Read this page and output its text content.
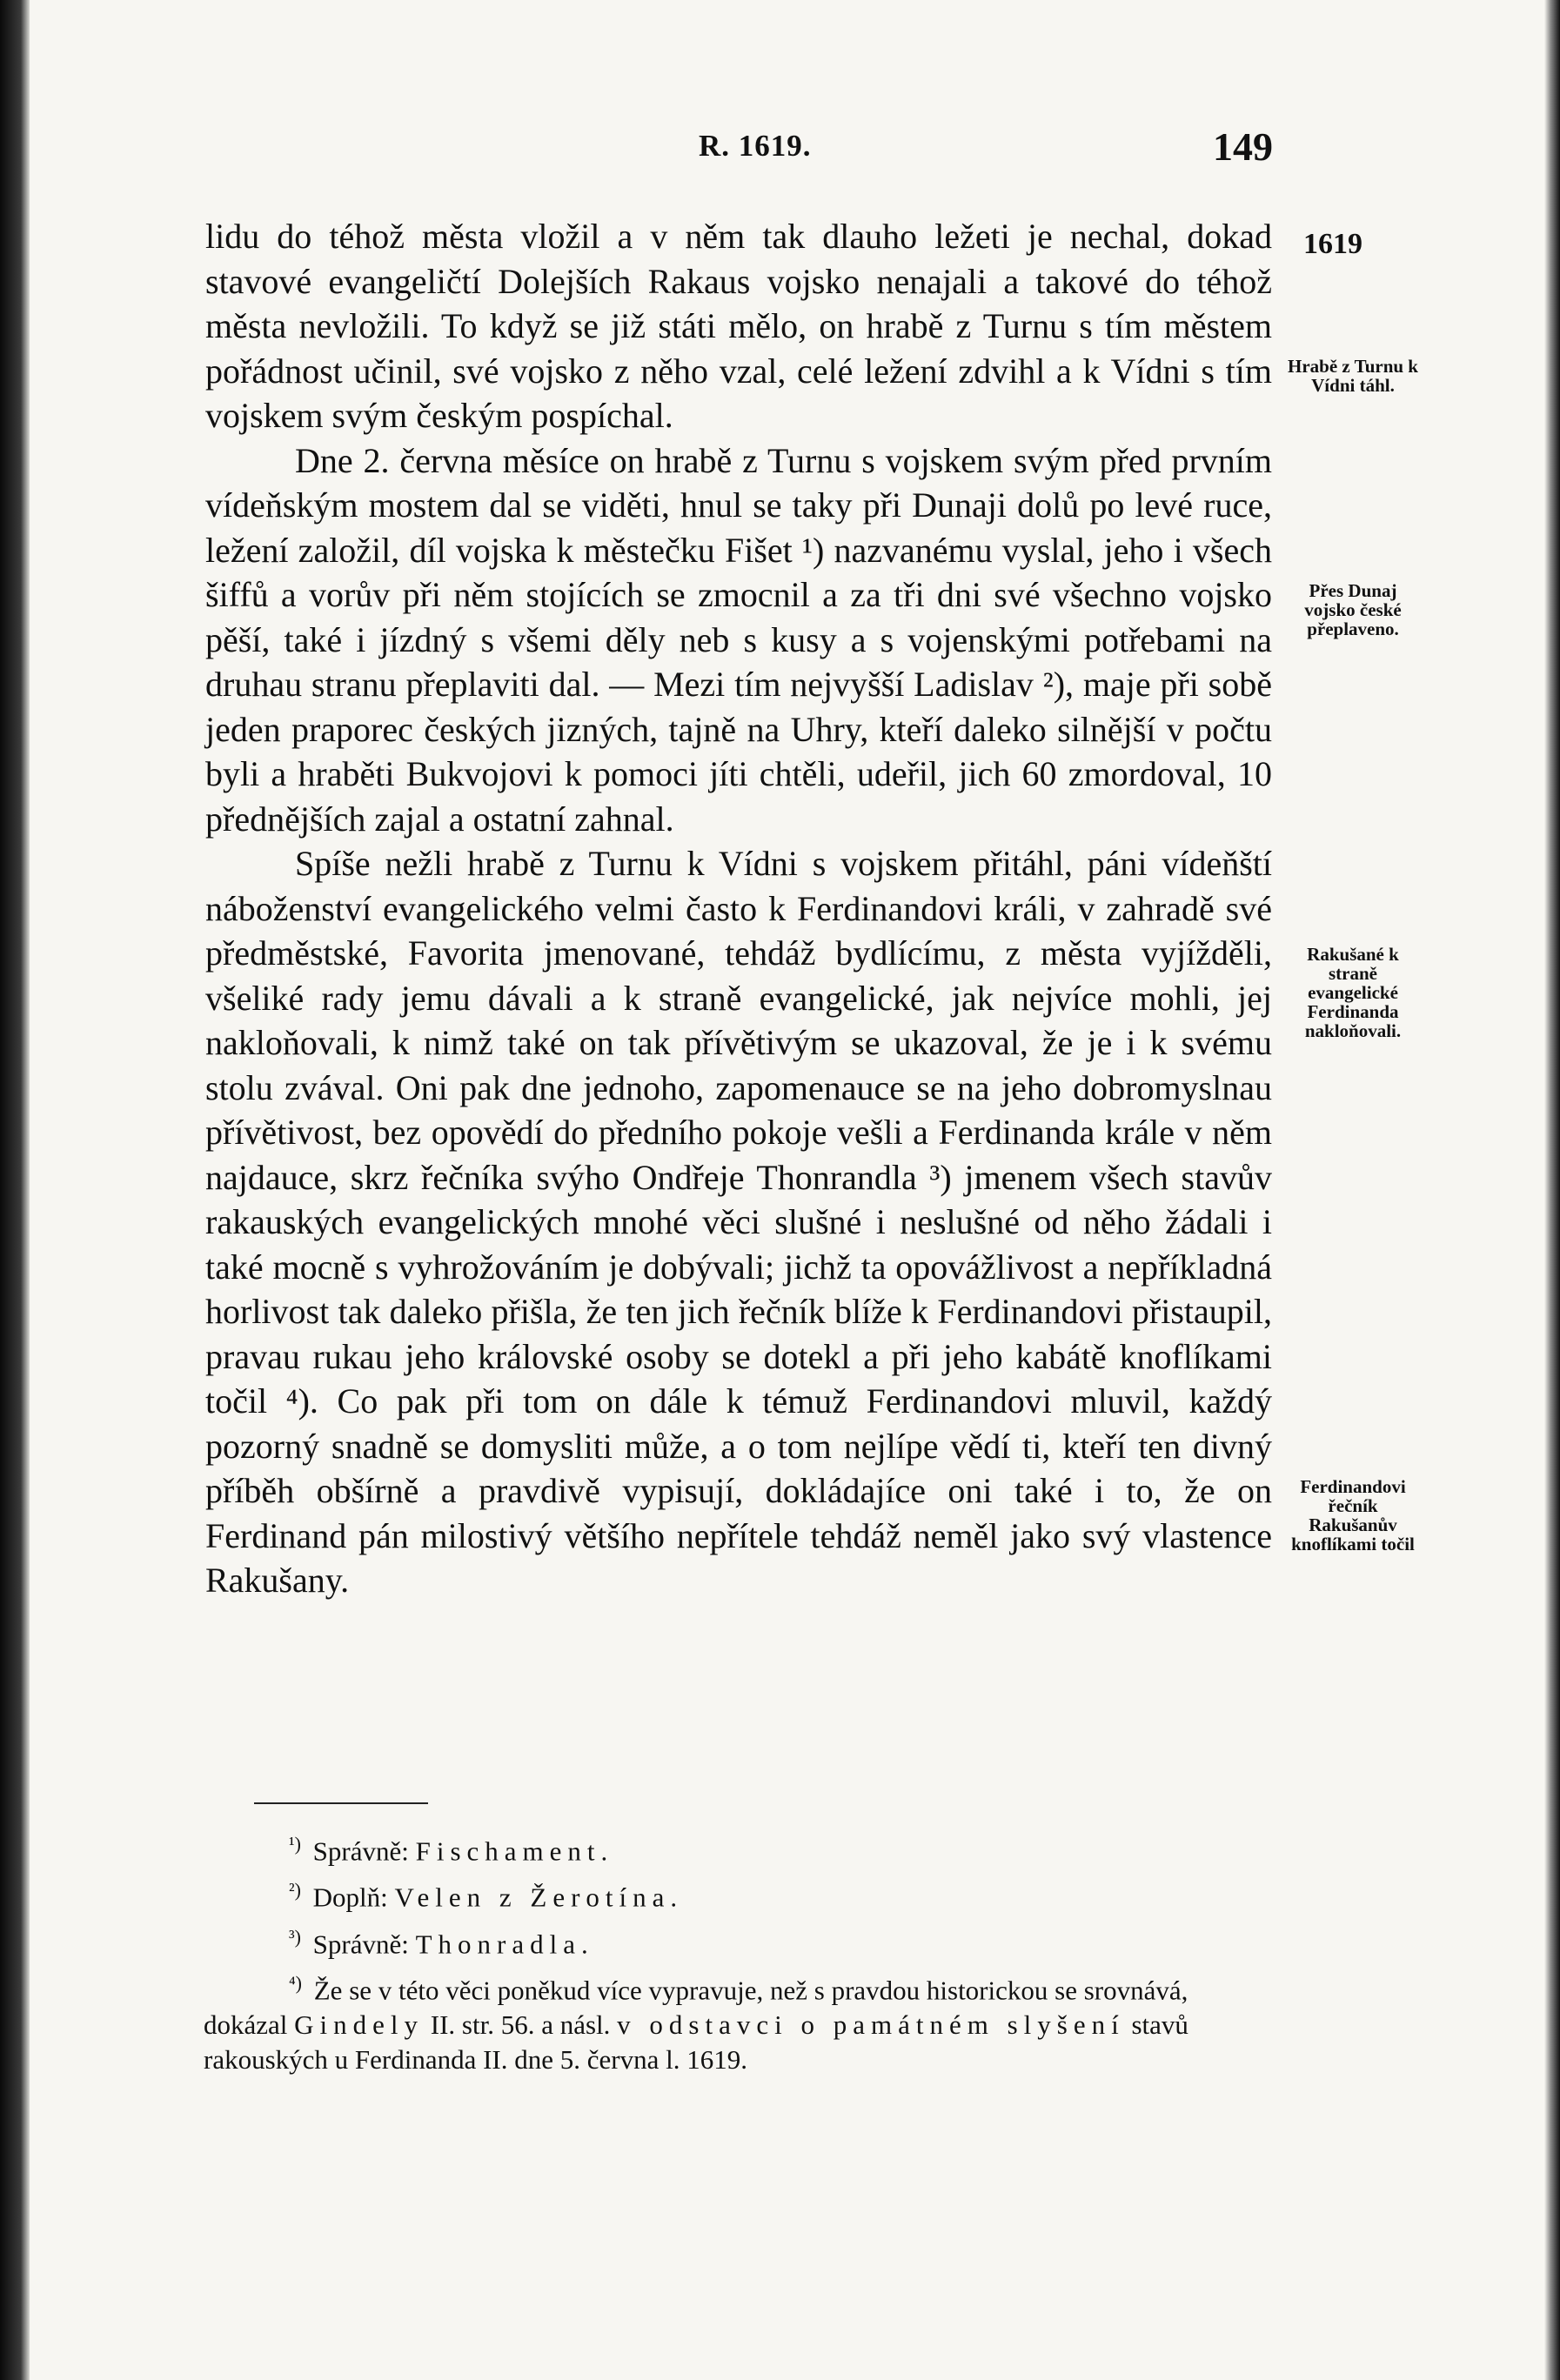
R. 1619.	149
1619
Hrabě z Turnu k Vídni táhl.
Přes Dunaj vojsko české přeplaveno.
Rakušané k straně evangelické Ferdinanda nakloňovali.
Ferdinandovi řečník Rakušanův knoflíkami točil

lidu do téhož města vložil a v něm tak dlauho ležeti je nechal, dokad stavové evangeličtí Dolejších Rakaus vojsko nenajali a takové do téhož města nevložili. To když se již státi mělo, on hrabě z Turnu s tím městem pořádnost učinil, své vojsko z něho vzal, celé ležení zdvihl a k Vídni s tím vojskem svým českým pospíchal.

Dne 2. června měsíce on hrabě z Turnu s vojskem svým před prvním vídeňským mostem dal se viděti, hnul se taky při Dunaji dolů po levé ruce, ležení založil, díl vojska k městečku Fišet ¹) nazvanému vyslal, jeho i všech šiffů a vorův při něm stojících se zmocnil a za tři dni své všechno vojsko pěší, také i jízdný s všemi děly neb s kusy a s vojenskými potřebami na druhau stranu přeplaviti dal. — Mezi tím nejvyšší Ladislav ²), maje při sobě jeden praporec českých jizných, tajně na Uhry, kteří daleko silnější v počtu byli a hraběti Bukvojovi k pomoci jíti chtěli, udeřil, jich 60 zmordoval, 10 přednějších zajal a ostatní zahnal.

Spíše nežli hrabě z Turnu k Vídni s vojskem přitáhl, páni vídeňští náboženství evangelického velmi často k Ferdinandovi králi, v zahradě své předměstské, Favorita jmenované, tehdáž bydlícímu, z města vyjížděli, všeliké rady jemu dávali a k straně evangelické, jak nejvíce mohli, jej nakloňovali, k nimž také on tak přívětivým se ukazoval, že je i k svému stolu zvával. Oni pak dne jednoho, zapomenauce se na jeho dobromyslnau přívětivost, bez opovědí do předního pokoje vešli a Ferdinanda krále v něm najdauce, skrz řečníka svýho Ondřeje Thonrandla ³) jmenem všech stavův rakauských evangelických mnohé věci slušné i neslušné od něho žádali i také mocně s vyhrožováním je dobývali; jichž ta opovážlivost a nepříkladná horlivost tak daleko přišla, že ten jich řečník blíže k Ferdinandovi přistaupil, pravau rukau jeho královské osoby se dotekl a při jeho kabátě knoflíkami točil ⁴). Co pak při tom on dále k témuž Ferdinandovi mluvil, každý pozorný snadně se domysliti může, a o tom nejlípe vědí ti, kteří ten divný příběh obšírně a pravdivě vypisují, dokládajíce oni také i to, že on Ferdinand pán milostivý většího nepřítele tehdáž neměl jako svý vlastence Rakušany.

$^{^1)}$ Správně: Fischament.

$^{^2)}$ Doplň: Velen z Žerotína.

$^{^3)}$ Správně: Thonradla.

$^{^4)}$ Že se v této věci poněkud více vypravuje, než s pravdou historickou se srovnává, dokázal Gindely II. str. 56. a násl. v odstavci o památném slyšení stavů rakouských u Ferdinanda II. dne 5. června l. 1619.
